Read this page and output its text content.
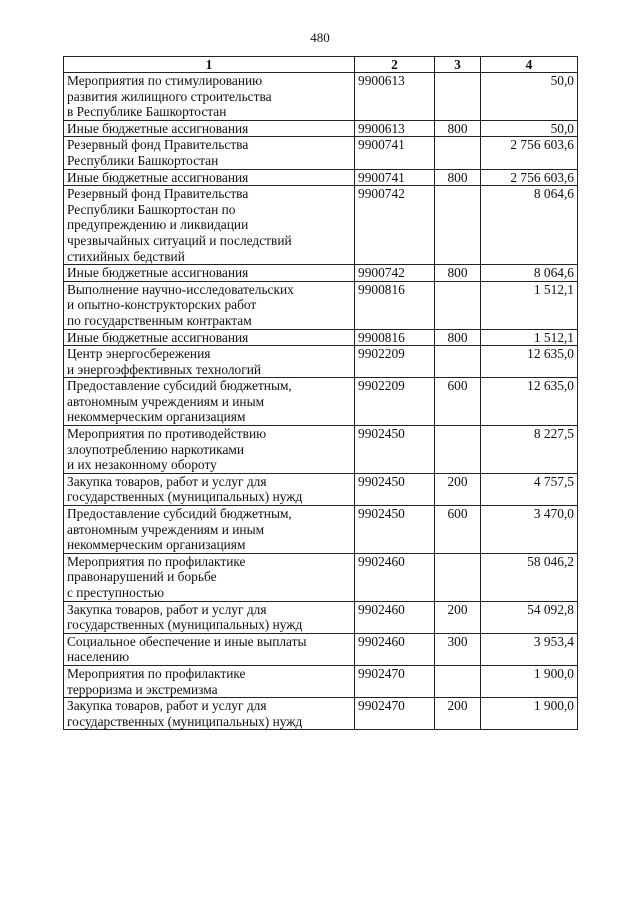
480
1	2	3	4
Мероприятия по стимулированию
развития жилищного строительства
в Республике Башкортостан	9900613		50,0
Иные бюджетные ассигнования	9900613	800	50,0
Резервный фонд Правительства
Республики Башкортостан	9900741		2 756 603,6
Иные бюджетные ассигнования	9900741	800	2 756 603,6
Резервный фонд Правительства
Республики Башкортостан по
предупреждению и ликвидации
чрезвычайных ситуаций и последствий
стихийных бедствий	9900742		8 064,6
Иные бюджетные ассигнования	9900742	800	8 064,6
Выполнение научно-исследовательских
и опытно-конструкторских работ
по государственным контрактам	9900816		1 512,1
Иные бюджетные ассигнования	9900816	800	1 512,1
Центр энергосбережения
и энергоэффективных технологий	9902209		12 635,0
Предоставление субсидий бюджетным,
автономным учреждениям и иным
некоммерческим организациям	9902209	600	12 635,0
Мероприятия по противодействию
злоупотреблению наркотиками
и их незаконному обороту	9902450		8 227,5
Закупка товаров, работ и услуг для
государственных (муниципальных) нужд	9902450	200	4 757,5
Предоставление субсидий бюджетным,
автономным учреждениям и иным
некоммерческим организациям	9902450	600	3 470,0
Мероприятия по профилактике
правонарушений и борьбе
с преступностью	9902460		58 046,2
Закупка товаров, работ и услуг для
государственных (муниципальных) нужд	9902460	200	54 092,8
Социальное обеспечение и иные выплаты
населению	9902460	300	3 953,4
Мероприятия по профилактике
терроризма и экстремизма	9902470		1 900,0
Закупка товаров, работ и услуг для
государственных (муниципальных) нужд	9902470	200	1 900,0
